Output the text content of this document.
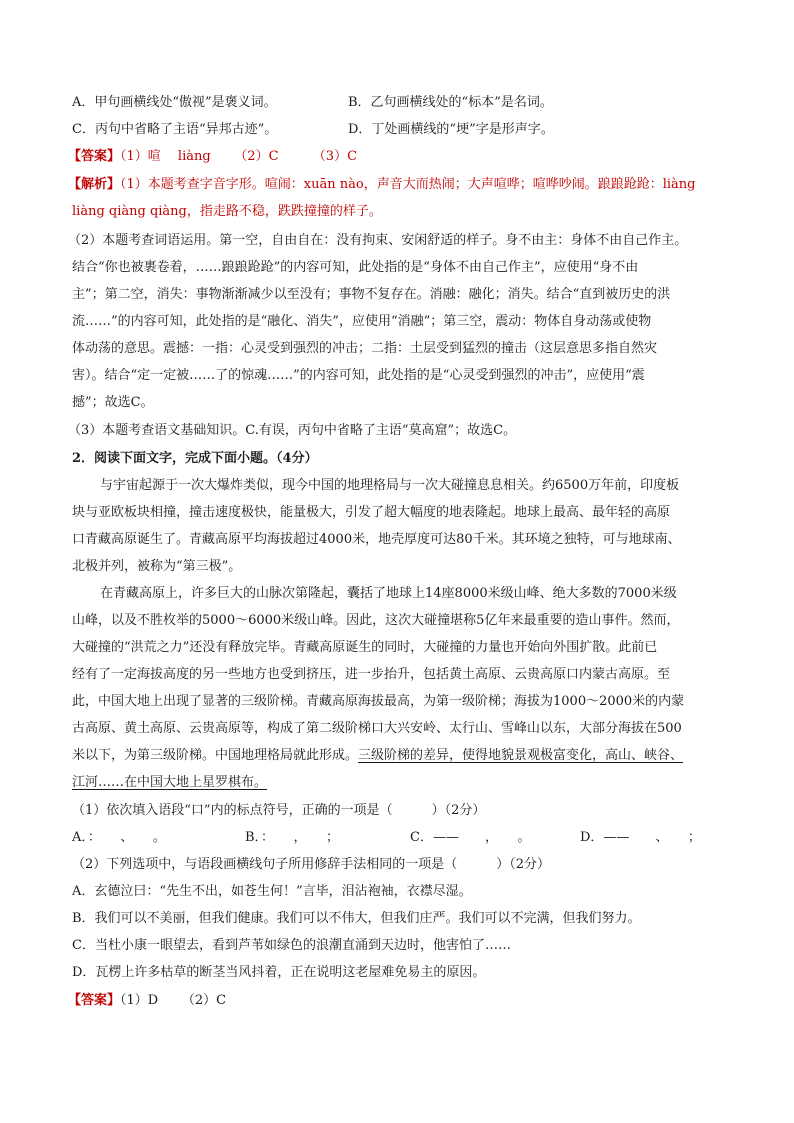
A．甲句画横线处“傲视”是褒义词。	B．乙句画横线处的“标本”是名词。
C．丙句中省略了主语“异邦古迹”。	D．丁处画横线的“埂”字是形声字。
【答案】（1）喧　 liàng　 　（2）C　 　 （3）C
【解析】（1）本题考查字音字形。喧闹：xuān nào，声音大而热闹；大声喧哗；喧哗吵闹。踉踉跄跄：liàng
liàng qiàng qiàng，指走路不稳，跌跌撞撞的样子。
（2）本题考查词语运用。第一空，自由自在：没有拘束、安闲舒适的样子。身不由主：身体不由自己作主。
结合“你也被裹卷着，……踉踉跄跄”的内容可知，此处指的是“身体不由自己作主”，应使用“身不由
主”；第二空，消失：事物渐渐减少以至没有；事物不复存在。消融：融化；消失。结合“直到被历史的洪
流……”的内容可知，此处指的是“融化、消失”，应使用“消融”；第三空，震动：物体自身动荡或使物
体动荡的意思。震撼：一指：心灵受到强烈的冲击；二指：土层受到猛烈的撞击（这层意思多指自然灾
害）。结合“定一定被……了的惊魂……”的内容可知，此处指的是“心灵受到强烈的冲击”，应使用“震
撼”；故选C。
（3）本题考查语文基础知识。C.有误，丙句中省略了主语“莫高窟”；故选C。
2．阅读下面文字，完成下面小题。（4分）
与宇宙起源于一次大爆炸类似，现今中国的地理格局与一次大碰撞息息相关。约6500万年前，印度板
块与亚欧板块相撞，撞击速度极快，能量极大，引发了超大幅度的地表隆起。地球上最高、最年轻的高原
口青藏高原诞生了。青藏高原平均海拔超过4000米，地壳厚度可达80千米。其环境之独特，可与地球南、
北极并列，被称为“第三极”。
在青藏高原上，许多巨大的山脉次第隆起，囊括了地球上14座8000米级山峰、绝大多数的7000米级
山峰，以及不胜枚举的5000～6000米级山峰。因此，这次大碰撞堪称5亿年来最重要的造山事件。然而，
大碰撞的“洪荒之力”还没有释放完毕。青藏高原诞生的同时，大碰撞的力量也开始向外围扩散。此前已
经有了一定海拔高度的另一些地方也受到挤压，进一步抬升，包括黄土高原、云贵高原口内蒙古高原。至
此，中国大地上出现了显著的三级阶梯。青藏高原海拔最高，为第一级阶梯；海拔为1000～2000米的内蒙
古高原、黄土高原、云贵高原等，构成了第二级阶梯口大兴安岭、太行山、雪峰山以东，大部分海拔在500
米以下，为第三级阶梯。中国地理格局就此形成。三级阶梯的差异，使得地貌景观极富变化，高山、峡谷、
江河……在中国大地上星罗棋布。
（1）依次填入语段“口”内的标点符号，正确的一项是（　　　）（2分）
A．：　　、　　。	B．：　　，　　；	C．——　　，　　。	D．——　　、　　；
（2）下列选项中，与语段画横线句子所用修辞手法相同的一项是（　　　）（2分）
A．玄德泣曰：“先生不出，如苍生何！”言毕，泪沾袍袖，衣襟尽湿。
B．我们可以不美丽，但我们健康。我们可以不伟大，但我们庄严。我们可以不完满，但我们努力。
C．当杜小康一眼望去，看到芦苇如绿色的浪潮直涌到天边时，他害怕了……
D．瓦楞上许多枯草的断茎当风抖着，正在说明这老屋难免易主的原因。
【答案】（1）D　 　（2）C
